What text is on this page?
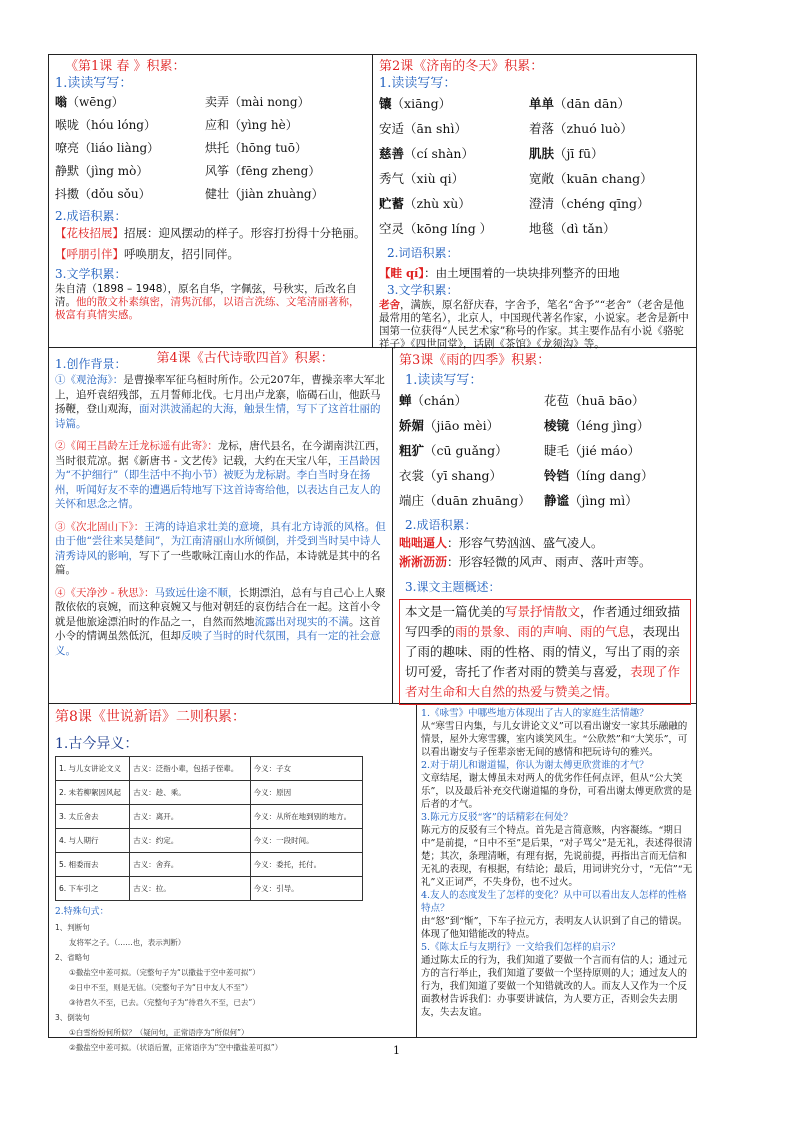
《第1课 春 》积累：
1.读读写写：
嗡（wēng）	卖弄（mài nong）
喉咙（hóu lóng）	应和（yìng hè）
嘹亮（liáo liàng）	烘托（hōng tuō）
静默（jìng mò）	风筝（fēng zheng）
抖擞（dǒu sǒu）	健壮（jiàn zhuàng）
2.成语积累：
【花枝招展】招展：迎风摆动的样子。形容打扮得十分艳丽。
【呼朋引伴】呼唤朋友，招引同伴。
3.文学积累：
朱自清（1898 – 1948），原名自华，字佩弦，号秋实，后改名自清。他的散文朴素缜密，清隽沉郁，以语言洗练、文笔清丽著称，极富有真情实感。
第2课《济南的冬天》积累：
1.读读写写：
镶（xiāng）	单单（dān dān）
安适（ān shì）	着落（zhuó luò）
慈善（cí shàn）	肌肤（jī fū）
秀气（xiù qi）	宽敞（kuān chang）
贮蓄（zhù xù）	澄清（chéng qīng）
空灵（kōng líng ）	地毯（dì tǎn）
2.词语积累：
【畦 qí】：由土埂围着的一块块排列整齐的田地
3.文学积累：
老舍，满族，原名舒庆春，字舍予，笔名“舍予”“老舍”（老舍是他最常用的笔名），北京人，中国现代著名作家，小说家。老舍是新中国第一位获得“人民艺术家”称号的作家。其主要作品有小说《骆驼祥子》《四世同堂》，话剧《茶馆》《龙须沟》等。
1.创作背景： 第4课《古代诗歌四首》积累：
①《观沧海》：是曹操率军征乌桓时所作。公元207年，曹操亲率大军北上，追歼袁绍残部，五月誓师北伐。七月出卢龙寨，临碣石山，他跃马扬鞭，登山观海，面对洪波涌起的大海，触景生情，写下了这首壮丽的诗篇。
②《闻王昌龄左迁龙标遥有此寄》：龙标，唐代县名，在今湖南洪江西，当时很荒凉。据《新唐书 - 文艺传》记载，大约在天宝八年，王昌龄因为“不护细行”（即生活中不拘小节）被贬为龙标尉。李白当时身在扬州，听闻好友不幸的遭遇后特地写下这首诗寄给他，以表达自己友人的关怀和思念之情。
③《次北固山下》：王湾的诗追求壮美的意境，具有北方诗派的风格。但由于他“尝往来吴楚间”，为江南清丽山水所倾倒，并受到当时吴中诗人清秀诗风的影响，写下了一些歌咏江南山水的作品，本诗就是其中的名篇。
④《天净沙 - 秋思》：马致远仕途不顺，长期漂泊，总有与自己心上人聚散依依的哀婉，而这种哀婉又与他对朝廷的哀伤结合在一起。这首小令就是他旅途漂泊时的作品之一，自然而然地流露出对现实的不满。这首小令的情调虽然低沉，但却反映了当时的时代氛围，具有一定的社会意义。
第3课《雨的四季》积累：
1.读读写写：
蝉（chán）	花苞（huā bāo）
娇媚（jiāo mèi）	棱镜（léng jìng）
粗犷（cū guǎng）	睫毛（jié máo）
衣裳（yī shang）	铃铛（líng dang）
端庄（duān zhuāng）	静谧（jìng mì）
2.成语积累：
咄咄逼人：形容气势汹汹、盛气凌人。
淅淅沥沥：形容轻微的风声、雨声、落叶声等。
3.课文主题概述：
本文是一篇优美的写景抒情散文，作者通过细致描写四季的雨的景象、雨的声响、雨的气息，表现出了雨的趣味、雨的性格、雨的情义，写出了雨的亲切可爱，寄托了作者对雨的赞美与喜爱，表现了作者对生命和大自然的热爱与赞美之情。
第8课《世说新语》二则积累：
1.古今异义：
1. 与儿女讲论文义	古义：泛指小辈，包括子侄辈。	今义：子女
2. 未若柳絮因风起	古义：趁、乘。	今义：原因
3. 太丘舍去	古义：离开。	今义：从所在地到别的地方。
4. 与人期行	古义：约定。	今义：一段时间。
5. 相委而去	古义：舍弃。	今义：委托，托付。
6. 下车引之	古义：拉。	今义：引导。
2.特殊句式：
1、判断句
友将军之子。（……也，表示判断）
2、省略句
①撒盐空中差可拟。（完整句子为“以撒盐于空中差可拟”）
②日中不至，则是无信。（完整句子为“日中友人不至”）
③待君久不至，已去。（完整句子为“待君久不至，已去”）
3、倒装句
①白雪纷纷何所似？（疑问句，正常语序为“所似何”）
②撒盐空中差可拟。（状语后置，正常语序为“空中撒盐差可拟”）
1.《咏雪》中哪些地方体现出了古人的家庭生活情趣？
从“寒雪日内集，与儿女讲论文义”可以看出谢安一家其乐融融的情景，屋外大寒雪骤，室内谈笑风生。“公欣然”和“大笑乐”，可以看出谢安与子侄辈亲密无间的感情和把玩诗句的雅兴。
2.对于胡儿和谢道韫，你认为谢太傅更欣赏谁的才气？
文章结尾，谢太傅虽未对两人的优劣作任何点评，但从“公大笑乐”，以及最后补充交代谢道韫的身份，可看出谢太傅更欣赏的是后者的才气。
3.陈元方反驳“客”的话精彩在何处？
陈元方的反驳有三个特点。首先是言简意赅，内容凝练。“期日中”是前提，“日中不至”是后果，“对子骂父”是无礼，表述得很清楚；其次，条理清晰，有理有据，先说前提，再指出言而无信和无礼的表现，有根据，有结论；最后，用词讲究分寸，“无信”“无礼”义正词严，不失身份，也不过火。
4.友人的态度发生了怎样的变化？从中可以看出友人怎样的性格特点？
由“怒”到“惭”，下车子拉元方，表明友人认识到了自己的错误。体现了他知错能改的特点。
5.《陈太丘与友期行》一文给我们怎样的启示？
通过陈太丘的行为，我们知道了要做一个言而有信的人；通过元方的言行举止，我们知道了要做一个坚持原则的人；通过友人的行为，我们知道了要做一个知错就改的人。而友人又作为一个反面教材告诉我们：办事要讲诚信，为人要方正，否则会失去朋友，失去友谊。
1
